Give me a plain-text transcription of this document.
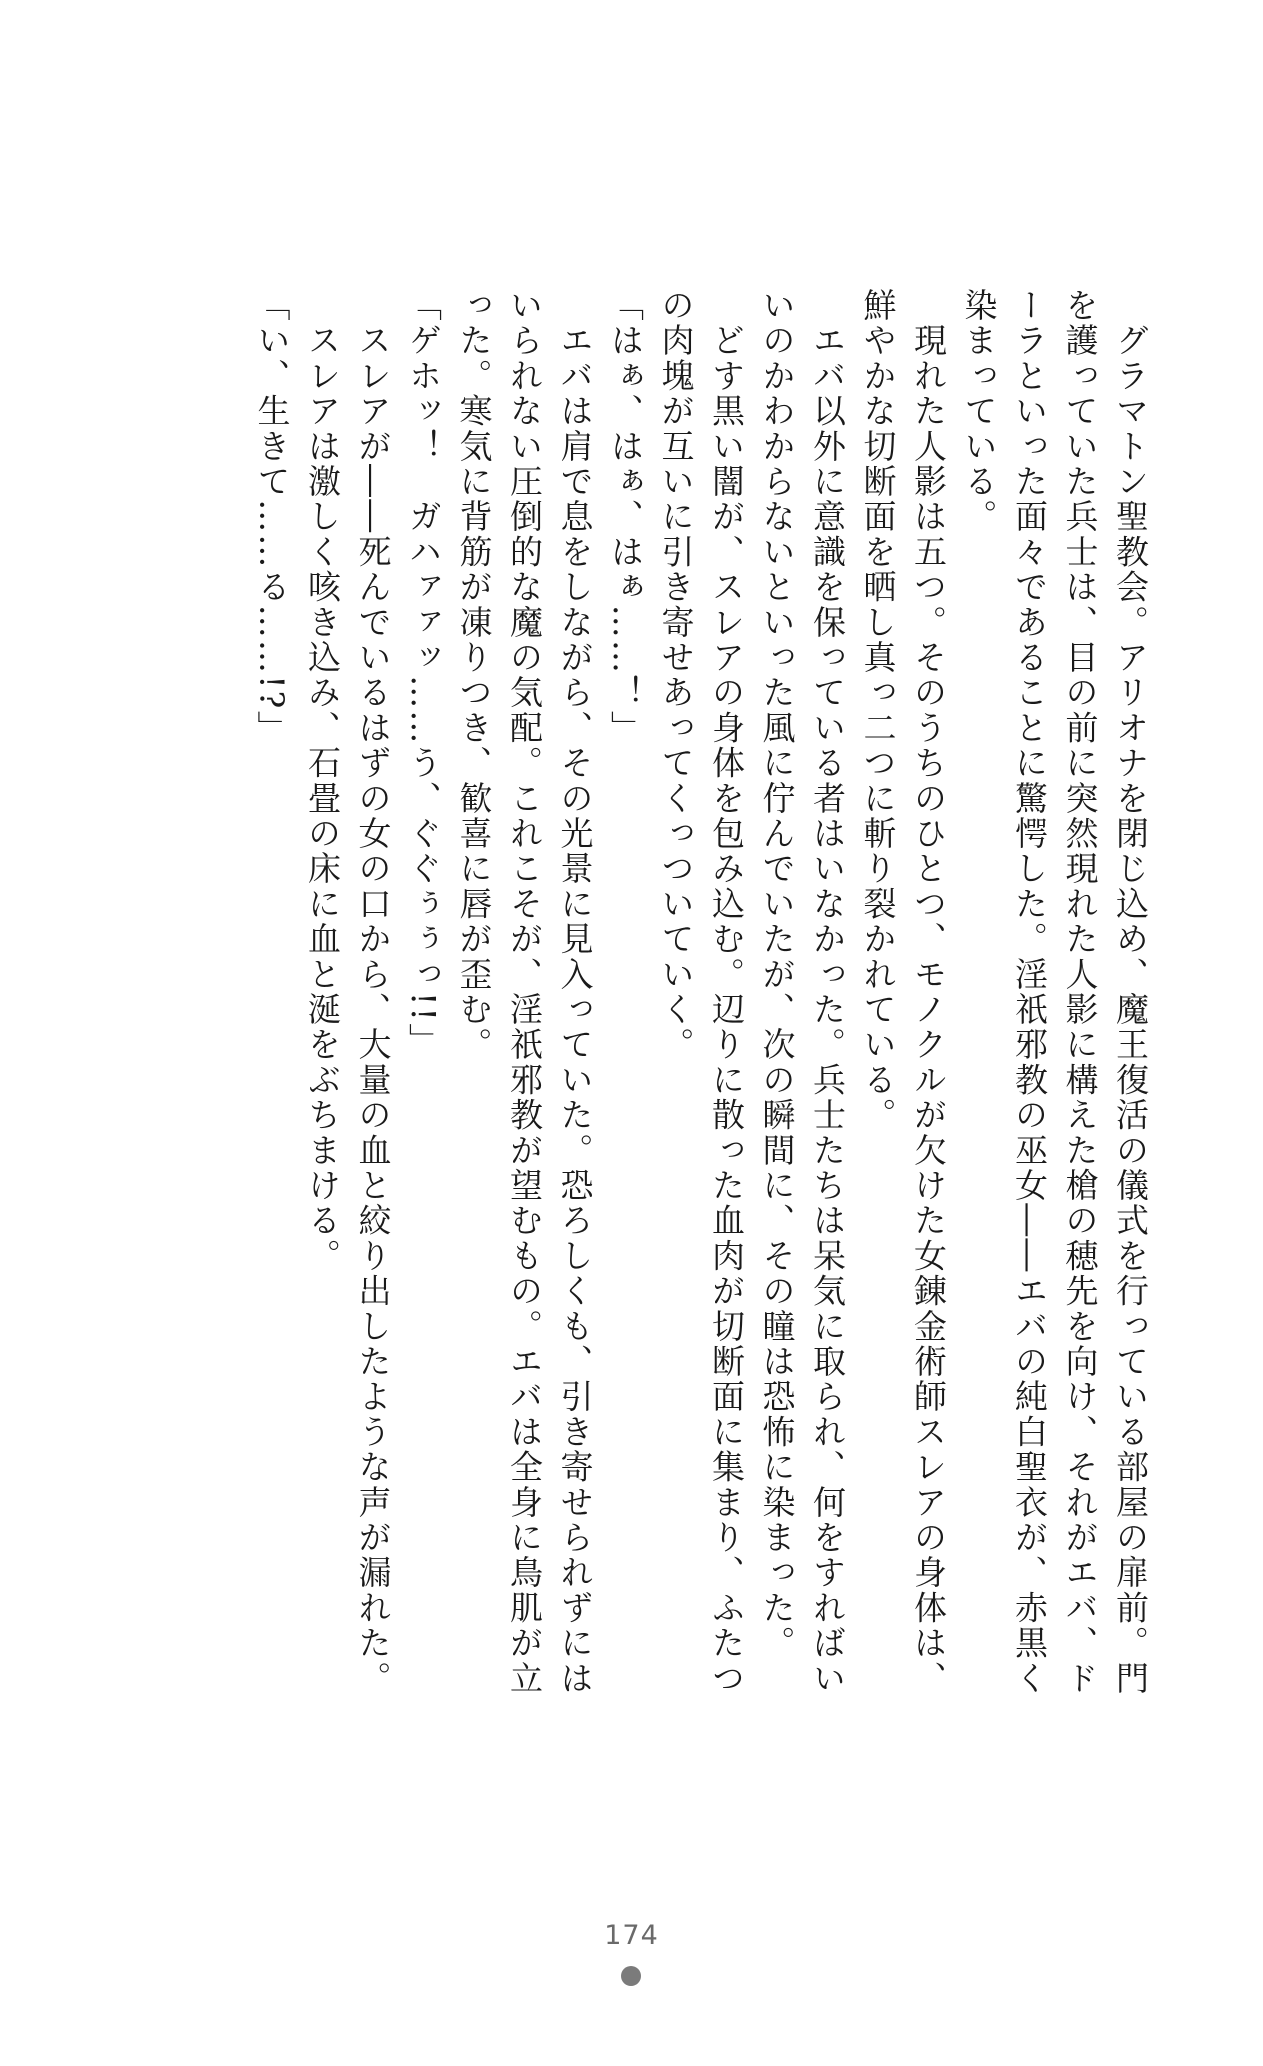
　グラマトン聖教会。アリオナを閉じ込め、魔王復活の儀式を行っている部屋の扉前。門

を護っていた兵士は、目の前に突然現れた人影に構えた槍の穂先を向け、それがエバ、ド

ーラといった面々であることに驚愕した。淫祇邪教の巫女――エバの純白聖衣が、赤黒く

染まっている。

　現れた人影は五つ。そのうちのひとつ、モノクルが欠けた女錬金術師スレアの身体は、

鮮やかな切断面を晒し真っ二つに斬り裂かれている。

　エバ以外に意識を保っている者はいなかった。兵士たちは呆気に取られ、何をすればい

いのかわからないといった風に佇んでいたが、次の瞬間に、その瞳は恐怖に染まった。

　どす黒い闇が、スレアの身体を包み込む。辺りに散った血肉が切断面に集まり、ふたつ

の肉塊が互いに引き寄せあってくっついていく。

「はぁ、はぁ、はぁ……！」

　エバは肩で息をしながら、その光景に見入っていた。恐ろしくも、引き寄せられずには

いられない圧倒的な魔の気配。これこそが、淫祇邪教が望むもの。エバは全身に鳥肌が立

った。寒気に背筋が凍りつき、歓喜に唇が歪む。

「ゲホッ！　ガハァァッ……う、ぐぐぅぅっ!!」

　スレアが――死んでいるはずの女の口から、大量の血と絞り出したような声が漏れた。

　スレアは激しく咳き込み、石畳の床に血と涎をぶちまける。

「い、生きて……る……!?」

174
